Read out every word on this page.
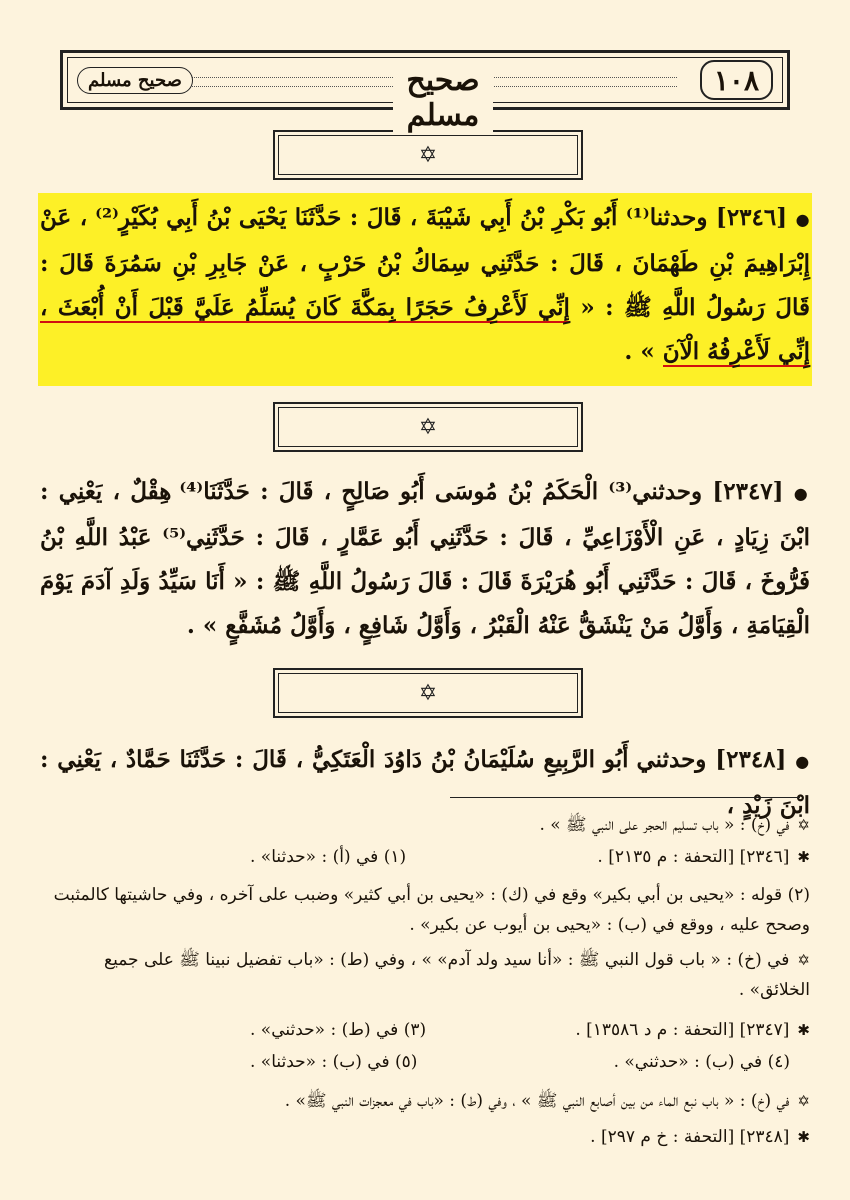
صحيح مسلم	صحيح مسلم
١٠٨
✡
● [٢٣٤٦] وحدثنا⁽¹⁾ أَبُو بَكْرِ بْنُ أَبِي شَيْبَةَ ، قَالَ : حَدَّثَنَا يَحْيَى بْنُ أَبِي بُكَيْرٍ⁽²⁾ ، عَنْ إِبْرَاهِيمَ بْنِ طَهْمَانَ ، قَالَ : حَدَّثَنِي سِمَاكُ بْنُ حَرْبٍ ، عَنْ جَابِرِ بْنِ سَمُرَةَ قَالَ : قَالَ رَسُولُ اللَّهِ ﷺ : « إِنِّي لَأَعْرِفُ حَجَرًا بِمَكَّةَ كَانَ يُسَلِّمُ عَلَيَّ قَبْلَ أَنْ أُبْعَثَ ، إِنِّي لَأَعْرِفُهُ الْآنَ » .
✡
● [٢٣٤٧] وحدثني⁽³⁾ الْحَكَمُ بْنُ مُوسَى أَبُو صَالِحٍ ، قَالَ : حَدَّثَنَا⁽⁴⁾ هِقْلٌ ، يَعْنِي : ابْنَ زِيَادٍ ، عَنِ الْأَوْزَاعِيِّ ، قَالَ : حَدَّثَنِي أَبُو عَمَّارٍ ، قَالَ : حَدَّثَنِي⁽⁵⁾ عَبْدُ اللَّهِ بْنُ فَرُّوخَ ، قَالَ : حَدَّثَنِي أَبُو هُرَيْرَةَ قَالَ : قَالَ رَسُولُ اللَّهِ ﷺ : « أَنَا سَيِّدُ وَلَدِ آدَمَ يَوْمَ الْقِيَامَةِ ، وَأَوَّلُ مَنْ يَنْشَقُّ عَنْهُ الْقَبْرُ ، وَأَوَّلُ شَافِعٍ ، وَأَوَّلُ مُشَفَّعٍ » .
✡
● [٢٣٤٨] وحدثني أَبُو الرَّبِيعِ سُلَيْمَانُ بْنُ دَاوُدَ الْعَتَكِيُّ ، قَالَ : حَدَّثَنَا حَمَّادٌ ، يَعْنِي : ابْنَ زَيْدٍ ،
✡في (خ) : « باب تسليم الحجر على النبي ﷺ » .
✱[٢٣٤٦] [التحفة : م ٢١٣٥] .
(١) في (أ) : «حدثنا» .
(٢) قوله : «يحيى بن أبي بكير» وقع في (ك) : «يحيى بن أبي كثير» وضبب على آخره ، وفي حاشيتها كالمثبت وصحح عليه ، ووقع في (ب) : «يحيى بن أيوب عن بكير» .
✡في (خ) : « باب قول النبي ﷺ : «أنا سيد ولد آدم» » ، وفي (ط) : «باب تفضيل نبينا ﷺ على جميع الخلائق» .
✱[٢٣٤٧] [التحفة : م د ١٣٥٨٦] .
(٣) في (ط) : «حدثني» .
(٤) في (ب) : «حدثني» .
(٥) في (ب) : «حدثنا» .
✡في (خ) : « باب نبع الماء من بين أصابع النبي ﷺ » ، وفي (ط) : «باب في معجزات النبي ﷺ» .
✱[٢٣٤٨] [التحفة : خ م ٢٩٧] .
